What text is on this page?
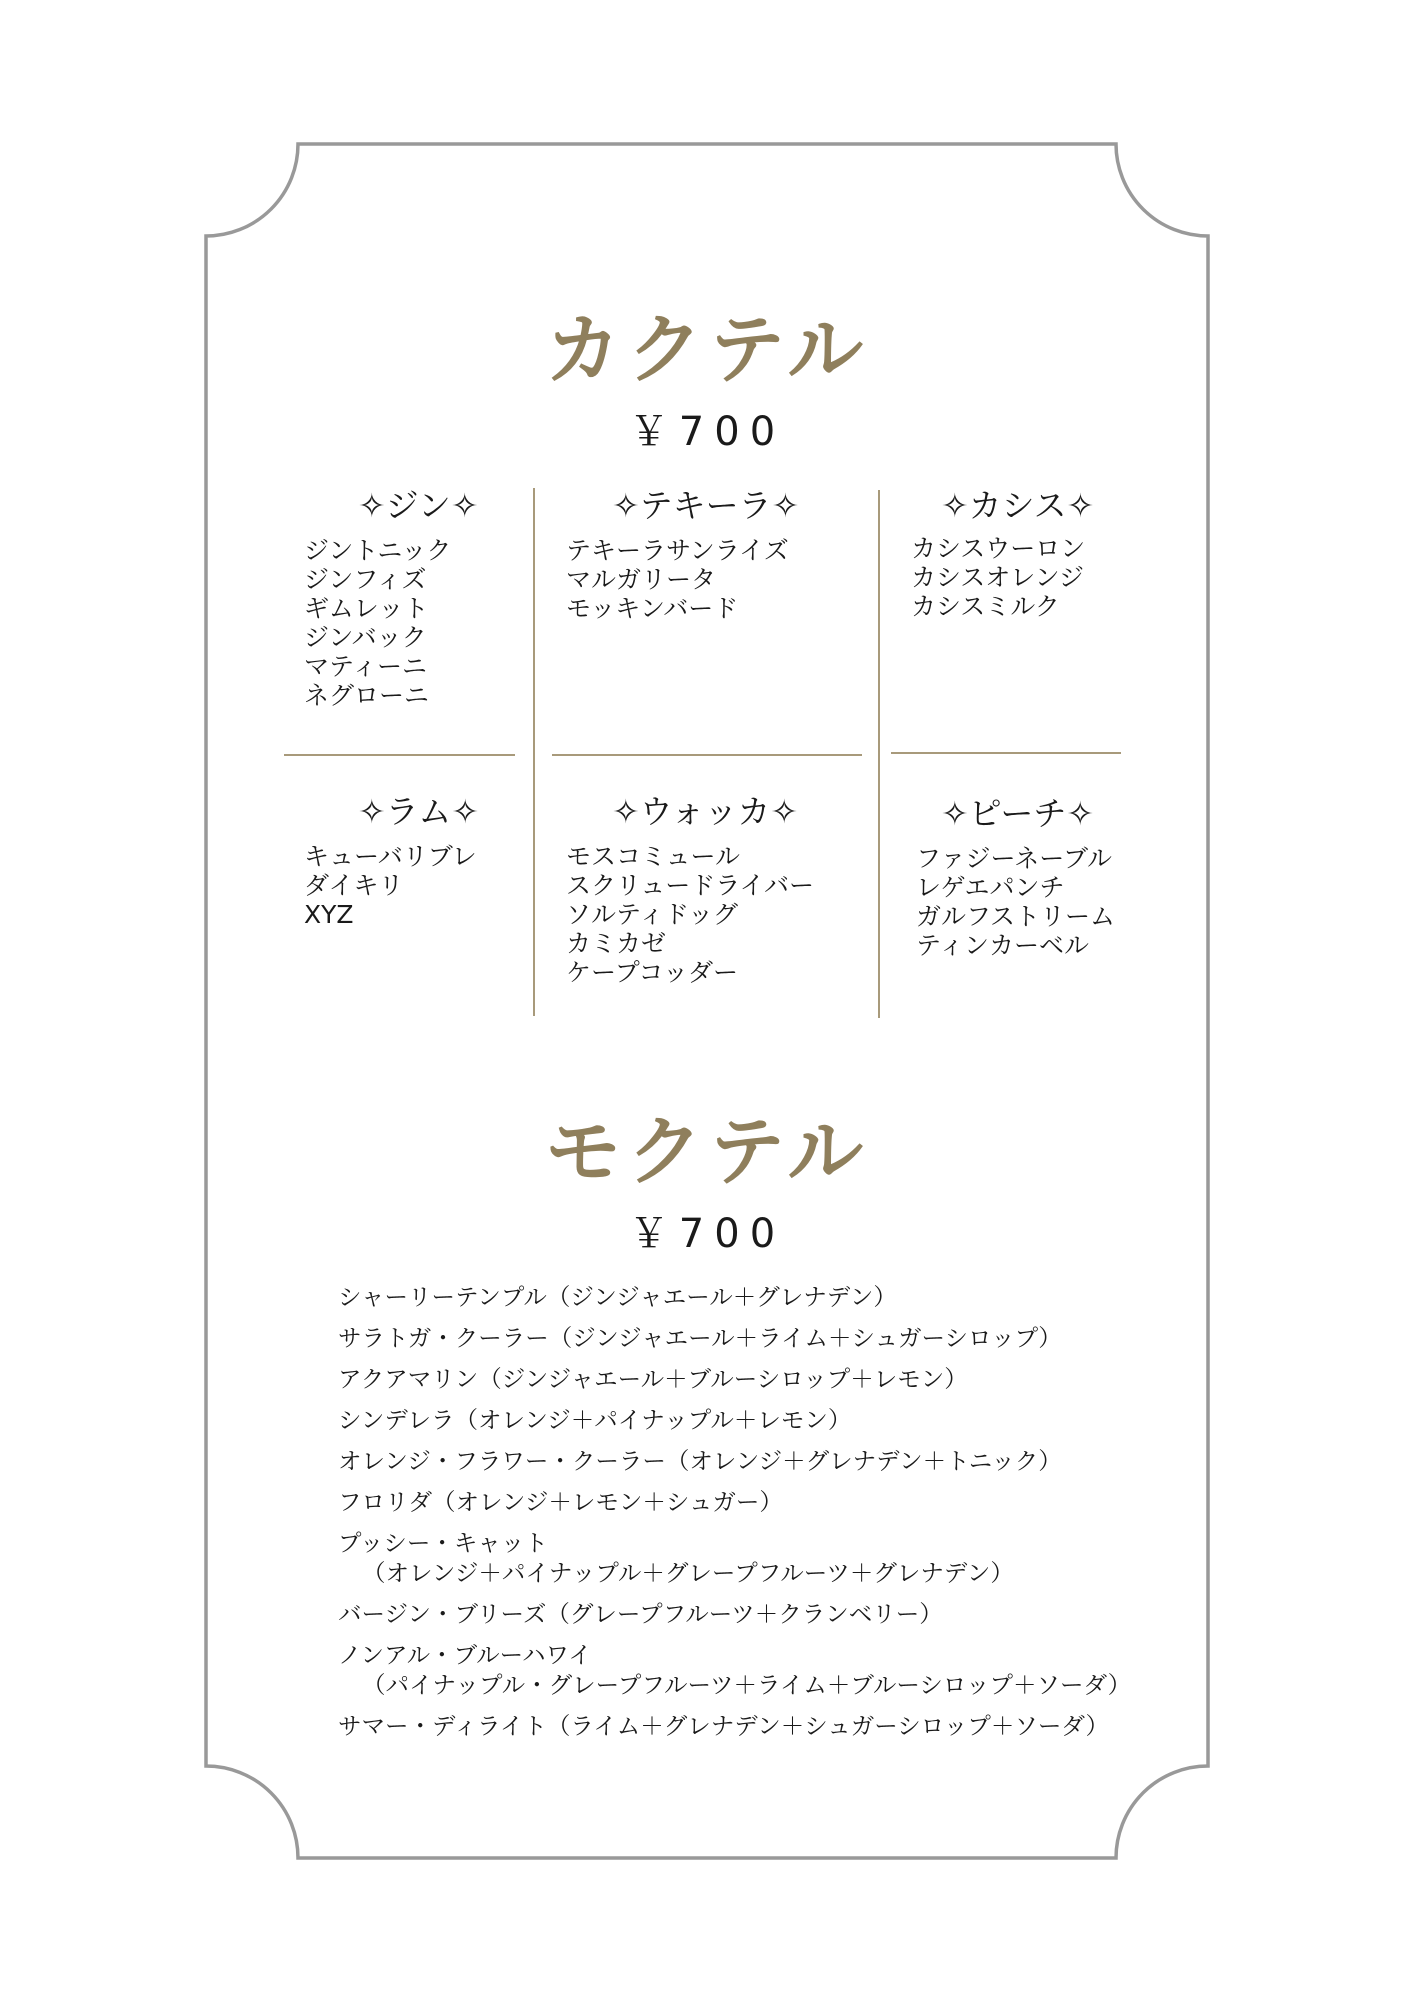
カクテル
￥700
✧ジン✧
ジントニック
ジンフィズ
ギムレット
ジンバック
マティーニ
ネグローニ
✧テキーラ✧
テキーラサンライズ
マルガリータ
モッキンバード
✧カシス✧
カシスウーロン
カシスオレンジ
カシスミルク
✧ラム✧
キューバリブレ
ダイキリ
XYZ
✧ウォッカ✧
モスコミュール
スクリュードライバー
ソルティドッグ
カミカゼ
ケープコッダー
✧ピーチ✧
ファジーネーブル
レゲエパンチ
ガルフストリーム
ティンカーベル
モクテル
￥700
シャーリーテンプル（ジンジャエール＋グレナデン）
サラトガ・クーラー（ジンジャエール＋ライム＋シュガーシロップ）
アクアマリン（ジンジャエール＋ブルーシロップ＋レモン）
シンデレラ（オレンジ＋パイナップル＋レモン）
オレンジ・フラワー・クーラー（オレンジ＋グレナデン＋トニック）
フロリダ（オレンジ＋レモン＋シュガー）
プッシー・キャット
（オレンジ＋パイナップル＋グレープフルーツ＋グレナデン）
バージン・ブリーズ（グレープフルーツ＋クランベリー）
ノンアル・ブルーハワイ
（パイナップル・グレープフルーツ＋ライム＋ブルーシロップ＋ソーダ）
サマー・ディライト（ライム＋グレナデン＋シュガーシロップ＋ソーダ）
